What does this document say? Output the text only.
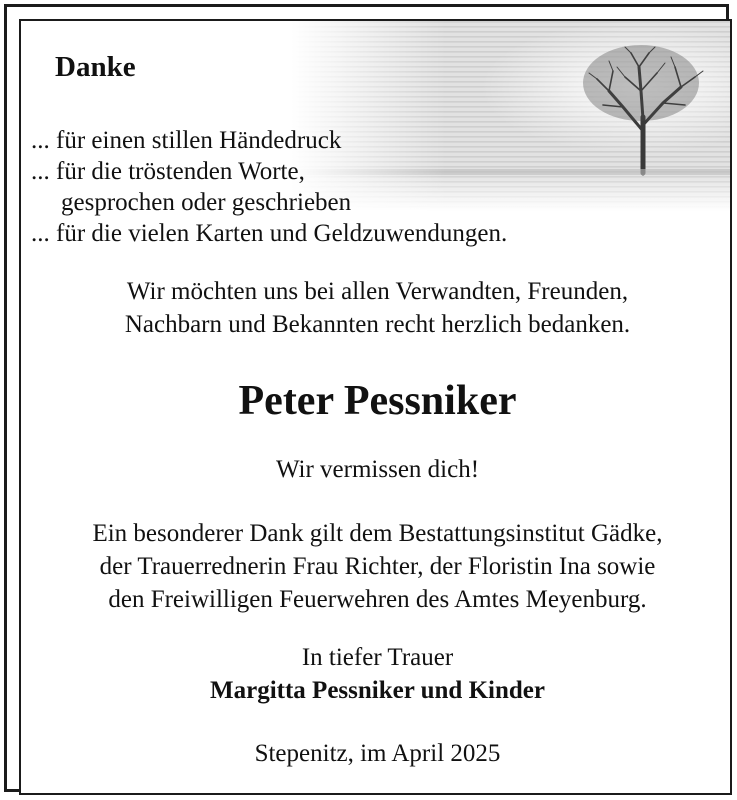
Danke
... für einen stillen Händedruck
... für die tröstenden Worte,
gesprochen oder geschrieben
... für die vielen Karten und Geldzuwendungen.
Wir möchten uns bei allen Verwandten, Freunden,
Nachbarn und Bekannten recht herzlich bedanken.
Peter Pessniker
Wir vermissen dich!
Ein besonderer Dank gilt dem Bestattungsinstitut Gädke,
der Trauerrednerin Frau Richter, der Floristin Ina sowie
den Freiwilligen Feuerwehren des Amtes Meyenburg.
In tiefer Trauer
Margitta Pessniker und Kinder
Stepenitz, im April 2025
